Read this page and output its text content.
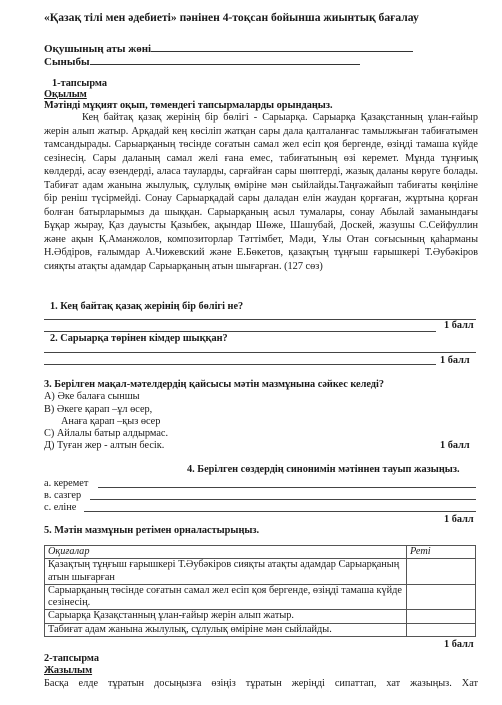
«Қазақ тілі мен әдебиеті» пәнінен 4-тоқсан бойынша жиынтық бағалау
Оқушының аты жөні
Сыныбы
1-тапсырма
Оқылым
Мәтінді мұқият оқып, төмендегі тапсырмаларды орындаңыз.
Кең байтақ қазақ жерінің бір бөлігі - Сарыарқа. Сарыарқа Қазақстанның ұлан-ғайыр жерін алып жатыр. Арқадай кең көсіліп жатқан сары дала қалталанғас тамылжыған табиғатымен тамсандырады. Сарыарқаның төсінде соғатын самал жел есіп қоя бергенде, өзіңді тамаша күйде сезінесің. Сары даланың самал желі ғана емес, табиғатының өзі керемет. Мұнда тұңғиық көлдерді, асау өзендерді, аласа тауларды, сарғайған сары шөптерді, жазық даланы көруге болады. Табиғат адам жанына жылулық, сұлулық өміріне мән сыйлайды.Таңғажайып табиғаты көңіліне бір реніш түсірмейді. Сонау Сарыарқадай сары даладан елін жаудан қорғаған, жұртына қорған болған батырларымыз да шыққан. Сарыарқаның асыл тумалары, сонау Абылай заманындағы Бұқар жырау, Қаз дауысты Қазыбек, ақындар Шөже, Шашубай, Доскей, жазушы С.Сейфуллин және ақын Қ.Аманжолов, композиторлар Тәттімбет, Мәди, Ұлы Отан соғысының қаһарманы Н.Әбдіров, ғалымдар А.Чижевский және Е.Бөкетов, қазақтың тұңғыш ғарышкері Т.Әубәкіров сияқты атақты адамдар Сарыарқаның атын шығарған. (127 сөз)
1. Кең байтақ қазақ жерінің бір бөлігі не?
1 балл
2. Сарыарқа төрінен кімдер шыққан?
1 балл
3. Берілген мақал-мәтелдердің қайсысы мәтін мазмұнына сәйкес келеді?
А) Әке балаға сыншы
В) Әкеге қарап –ұл өсер,
Анаға қарап –қыз өсер
С) Айлалы батыр алдырмас.
Д) Туған жер - алтын бесік.	1 балл
4. Берілген сөздердің синонимін мәтіннен тауып жазыңыз.
а. керемет
в. сазгер
с. еліне
1 балл
5. Мәтін мазмұнын ретімен орналастырыңыз.
Оқиғалар	Реті
Қазақтың тұңғыш ғарышкері Т.Әубәкіров сияқты атақты адамдар Сарыарқаның атын шығарған	
Сарыарқаның төсінде соғатын самал жел есіп қоя бергенде, өзіңді тамаша күйде сезінесің.	
Сарыарқа Қазақстанның ұлан-ғайыр жерін алып жатыр.	
Табиғат адам жанына жылулық, сұлулық өміріне мән сыйлайды.	
1 балл
2-тапсырма
Жазылым
Басқа елде тұратын досыңызға өзіңіз тұратын жеріңді сипаттап, хат жазыңыз. Хат
